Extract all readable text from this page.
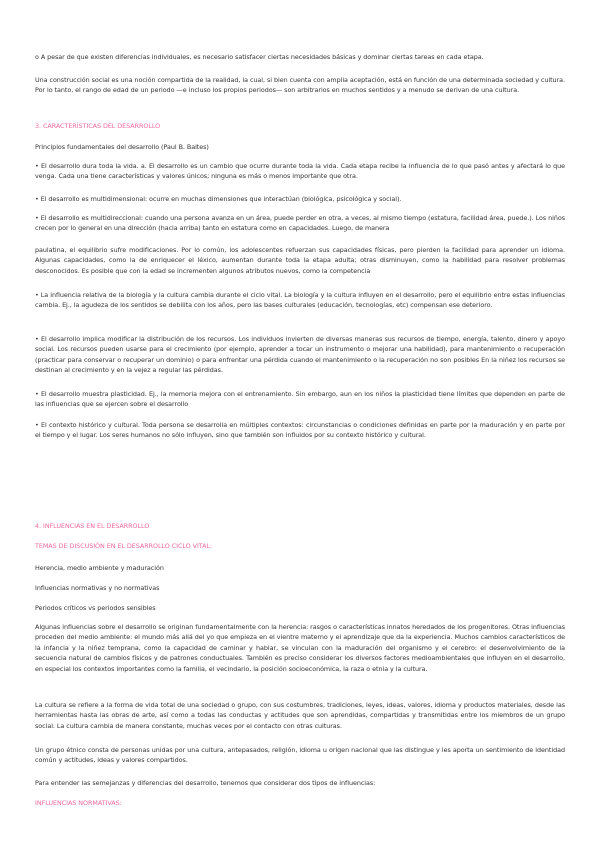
o A pesar de que existen diferencias individuales, es necesario satisfacer ciertas necesidades básicas y dominar ciertas tareas en cada etapa.

Una construcción social es una noción compartida de la realidad, la cual, si bien cuenta con amplia aceptación, está en función de una determinada sociedad y cultura. Por lo tanto, el rango de edad de un periodo —e incluso los propios periodos— son arbitrarios en muchos sentidos y a menudo se derivan de una cultura.

3. CARACTERÍSTICAS DEL DESARROLLO

Principios fundamentales del desarrollo (Paul B. Baltes)

• El desarrollo dura toda la vida. a. El desarrollo es un cambio que ocurre durante toda la vida. Cada etapa recibe la influencia de lo que pasó antes y afectará lo que venga. Cada una tiene características y valores únicos; ninguna es más o menos importante que otra.

• El desarrollo es multidimensional: ocurre en muchas dimensiones que interactúan (biológica, psicológica y social).

• El desarrollo es multidireccional: cuando una persona avanza en un área, puede perder en otra, a veces, al mismo tiempo (estatura, facilidad área, puede.). Los niños crecen por lo general en una dirección (hacia arriba) tanto en estatura como en capacidades. Luego, de manera

paulatina, el equilibrio sufre modificaciones. Por lo común, los adolescentes refuerzan sus capacidades físicas, pero pierden la facilidad para aprender un idioma. Algunas capacidades, como la de enriquecer el léxico, aumentan durante toda la etapa adulta; otras disminuyen, como la habilidad para resolver problemas desconocidos. Es posible que con la edad se incrementen algunos atributos nuevos, como la competencia

• La influencia relativa de la biología y la cultura cambia durante el ciclo vital. La biología y la cultura influyen en el desarrollo, pero el equilibrio entre estas influencias cambia. Ej., la agudeza de los sentidos se debilita con los años, pero las bases culturales (educación, tecnologías, etc) compensan ese deterioro.

• El desarrollo implica modificar la distribución de los recursos. Los individuos invierten de diversas maneras sus recursos de tiempo, energía, talento, dinero y apoyo social. Los recursos pueden usarse para el crecimiento (por ejemplo, aprender a tocar un instrumento o mejorar una habilidad), para mantenimiento o recuperación (practicar para conservar o recuperar un dominio) o para enfrentar una pérdida cuando el mantenimiento o la recuperación no son posibles En la niñez los recursos se destinan al crecimiento y en la vejez a regular las pérdidas.

• El desarrollo muestra plasticidad. Ej., la memoria mejora con el entrenamiento. Sin embargo, aun en los niños la plasticidad tiene límites que dependen en parte de las influencias que se ejercen sobre el desarrollo

• El contexto histórico y cultural. Toda persona se desarrolla en múltiples contextos: circunstancias o condiciones definidas en parte por la maduración y en parte por el tiempo y el lugar. Los seres humanos no sólo influyen, sino que también son influidos por su contexto histórico y cultural.

4. INFLUENCIAS EN EL DESARROLLO

TEMAS DE DISCUSIÓN EN EL DESARROLLO CICLO VITAL:

Herencia, medio ambiente y maduración

Influencias normativas y no normativas

Periodos críticos vs periodos sensibles

Algunas influencias sobre el desarrollo se originan fundamentalmente con la herencia: rasgos o características innatos heredados de los progenitores. Otras influencias proceden del medio ambiente: el mundo más allá del yo que empieza en el vientre materno y el aprendizaje que da la experiencia. Muchos cambios característicos de la infancia y la niñez temprana, como la capacidad de caminar y hablar, se vinculan con la maduración del organismo y el cerebro: el desenvolvimiento de la secuencia natural de cambios físicos y de patrones conductuales. También es preciso considerar los diversos factores medioambientales que influyen en el desarrollo, en especial los contextos importantes como la familia, el vecindario, la posición socioeconómica, la raza o etnia y la cultura.

La cultura se refiere a la forma de vida total de una sociedad o grupo, con sus costumbres, tradiciones, leyes, ideas, valores, idioma y productos materiales, desde las herramientas hasta las obras de arte, así como a todas las conductas y actitudes que son aprendidas, compartidas y transmitidas entre los miembros de un grupo social. La cultura cambia de manera constante, muchas veces por el contacto con otras culturas.

Un grupo étnico consta de personas unidas por una cultura, antepasados, religión, idioma u origen nacional que las distingue y les aporta un sentimiento de identidad común y actitudes, ideas y valores compartidos.

Para entender las semejanzas y diferencias del desarrollo, tenemos que considerar dos tipos de influencias:

INFLUENCIAS NORMATIVAS:
